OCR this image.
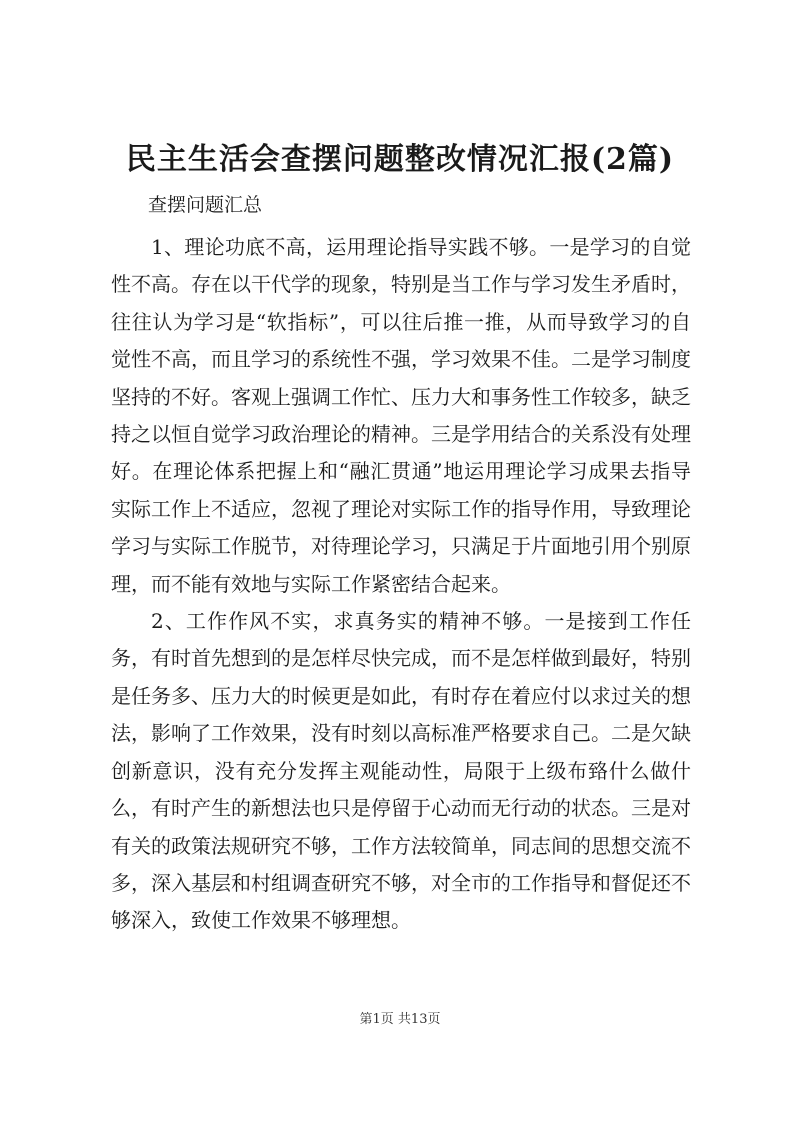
民主生活会查摆问题整改情况汇报(2篇)

查摆问题汇总

1、理论功底不高，运用理论指导实践不够。一是学习的自觉性不高。存在以干代学的现象，特别是当工作与学习发生矛盾时，往往认为学习是“软指标”，可以往后推一推，从而导致学习的自觉性不高，而且学习的系统性不强，学习效果不佳。二是学习制度坚持的不好。客观上强调工作忙、压力大和事务性工作较多，缺乏持之以恒自觉学习政治理论的精神。三是学用结合的关系没有处理好。在理论体系把握上和“融汇贯通”地运用理论学习成果去指导实际工作上不适应，忽视了理论对实际工作的指导作用，导致理论学习与实际工作脱节，对待理论学习，只满足于片面地引用个别原理，而不能有效地与实际工作紧密结合起来。

2、工作作风不实，求真务实的精神不够。一是接到工作任务，有时首先想到的是怎样尽快完成，而不是怎样做到最好，特别是任务多、压力大的时候更是如此，有时存在着应付以求过关的想法，影响了工作效果，没有时刻以高标准严格要求自己。二是欠缺创新意识，没有充分发挥主观能动性，局限于上级布臵什么做什么，有时产生的新想法也只是停留于心动而无行动的状态。三是对有关的政策法规研究不够，工作方法较简单，同志间的思想交流不多，深入基层和村组调查研究不够，对全市的工作指导和督促还不够深入，致使工作效果不够理想。

第1页 共13页
